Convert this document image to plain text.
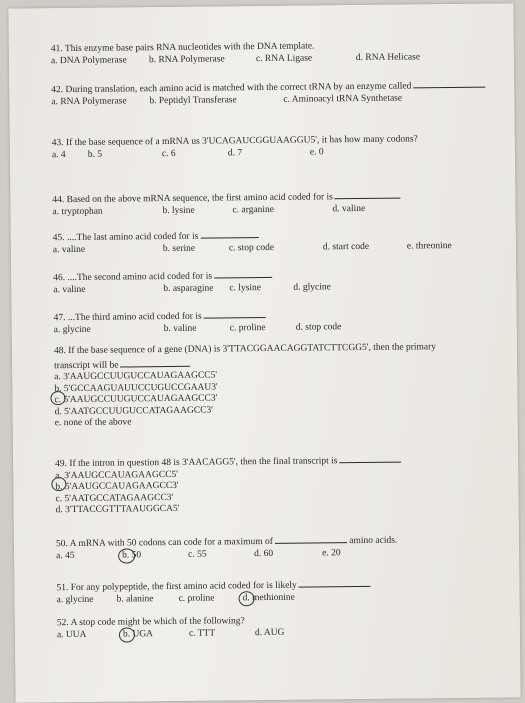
41. This enzyme base pairs RNA nucleotides with the DNA template.
a. DNA Polymerase b. RNA Polymerase	c. RNA Ligase	d. RNA Helicase
42. During translation, each amino acid is matched with the correct tRNA by an enzyme called
a. RNA Polymerase b. Peptidyl Transferase	c. Aminoacyl tRNA Synthetase
43. If the base sequence of a mRNA us 3'UCAGAUCGGUAAGGU5', it has how many codons?
a. 4 b. 5	c. 6	d. 7	e. 0
44. Based on the above mRNA sequence, the first amino acid coded for is
a. tryptophan	b. lysine	c. arganine	d. valine
45. ....The last amino acid coded for is
a. valine	b. serine	c. stop code	d. start code	e. threonine
46. ....The second amino acid coded for is
a. valine	b. asparagine c. lysine	d. glycine
47. ...The third amino acid coded for is
a. glycine	b. valine	c. proline	d. stop code
48. If the base sequence of a gene (DNA) is 3'TTACGGAACAGGTATCTTCGG5', then the primary transcript will be
a. 3'AAUGCCUUGUCCAUAGAAGCC5'
b. 5'GCCAAGUAUUCCUGUCCGAAU3'
c. 5'AAUGCCUUGUCCAUAGAAGCC3'
d. 5'AATGCCUUGUCCATAGAAGCC3'
e. none of the above
49. If the intron in question 48 is 3'AACAGG5', then the final transcript is
a. 3'AAUGCCAUAGAAGCC5'
b. 5'AAUGCCAUAGAAGCC3'
c. 5'AATGCCATAGAAGCC3'
d. 3'TTACCGTTTAAUGGCA5'
50. A mRNA with 50 codons can code for a maximum of	amino acids.
a. 45	b. 50	c. 55	d. 60	e. 20
51. For any polypeptide, the first amino acid coded for is likely
a. glycine b. alanine	c. proline	d. methionine
52. A stop code might be which of the following?
a. UUA	b. UGA	c. TTT	d. AUG
